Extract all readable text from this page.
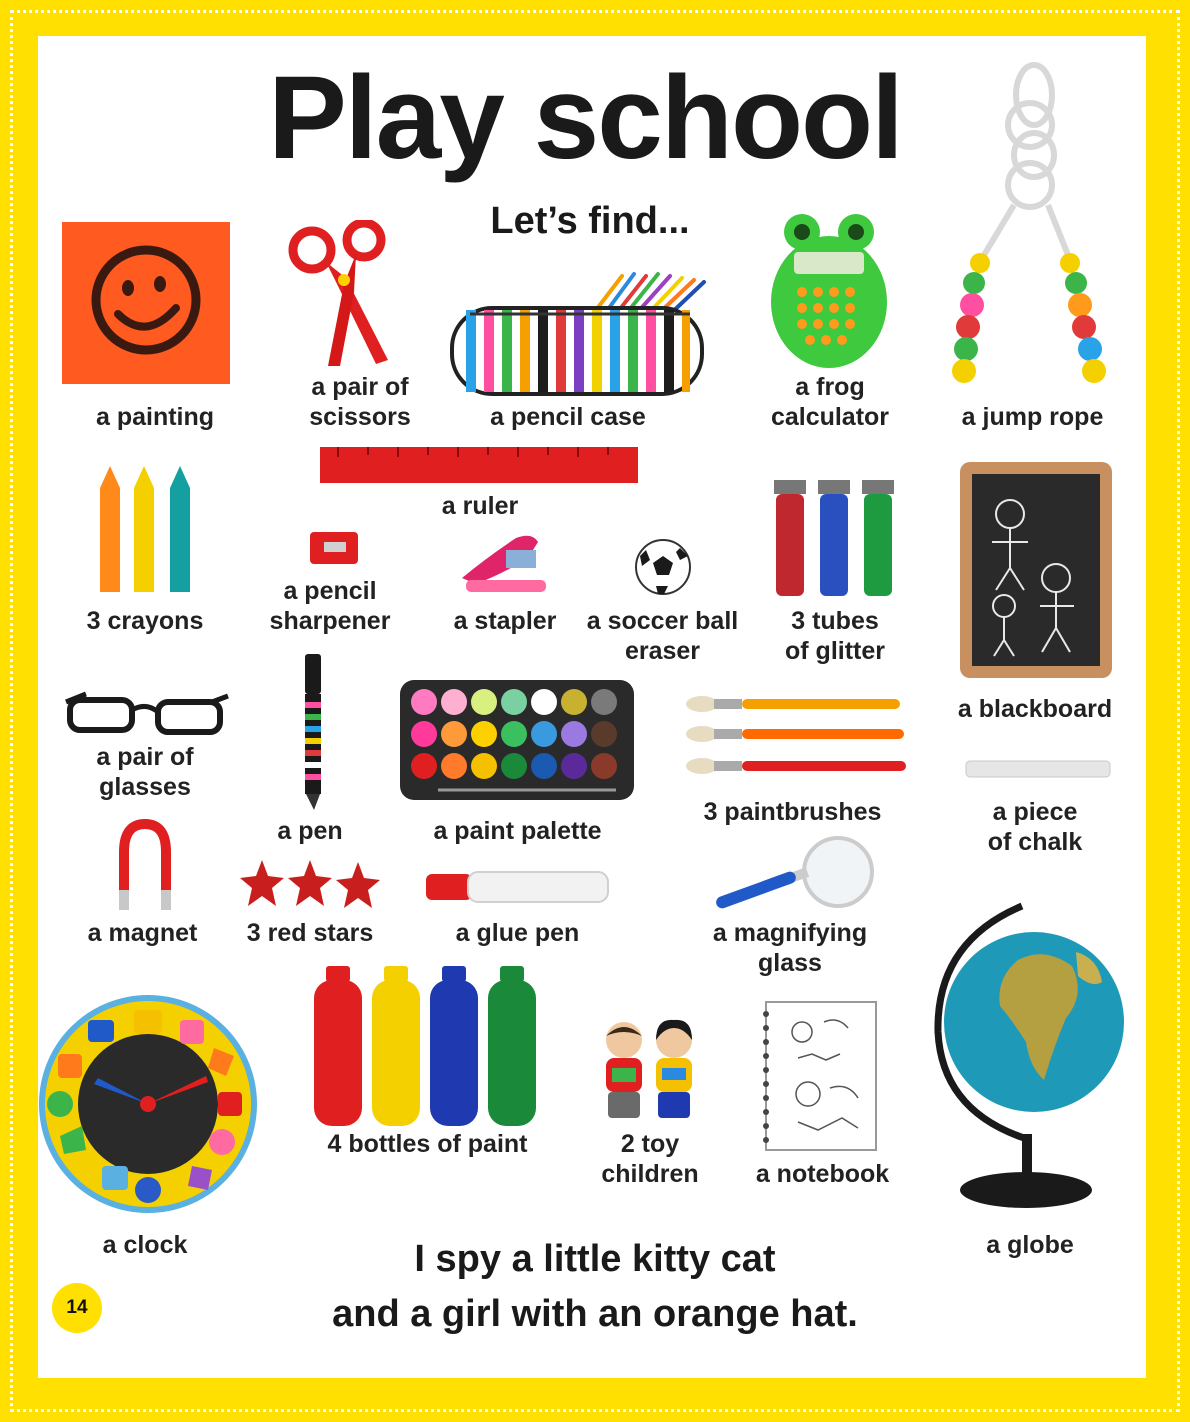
Play school
Let’s find...
a painting
a pair of
scissors	a pencil case
a frog
calculator	a jump rope
a ruler
3 crayons
a pencil
sharpener	a stapler	a soccer ball
eraser
3 tubes
of glitter
a blackboard
a pair of
glasses
a pen	a paint palette
3 paintbrushes	a piece
of chalk
a magnet	3 red stars	a glue pen	a magnifying
glass
a globe
a clock
4 bottles of paint	2 toy
children	a notebook
I spy a little kitty cat
and a girl with an orange hat.
14
